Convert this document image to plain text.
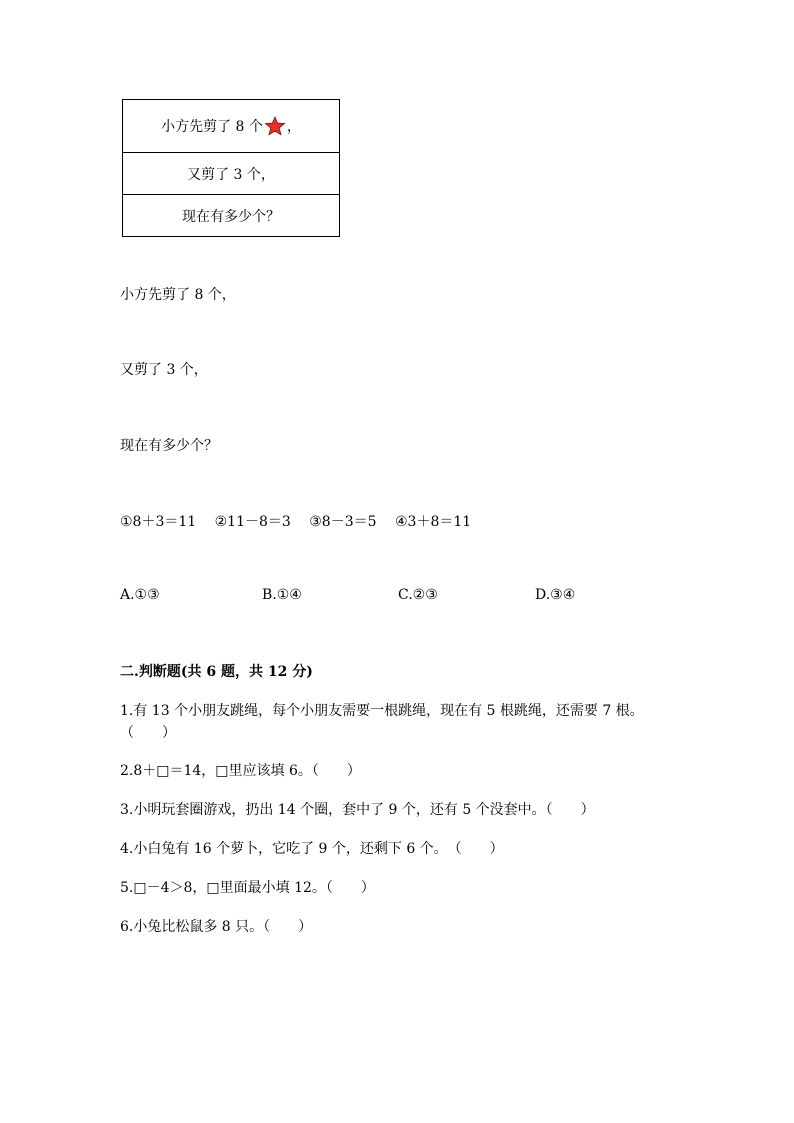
小方先剪了 8 个 ，
又剪了 3 个，
现在有多少个？
小方先剪了 8 个，
又剪了 3 个，
现在有多少个？
①8＋3＝11　 ②11－8＝3　 ③8－3＝5　 ④3＋8＝11
A.①③	B.①④	C.②③	D.③④
二.判断题(共 6 题，共 12 分)
1.有 13 个小朋友跳绳，每个小朋友需要一根跳绳，现在有 5 根跳绳，还需要 7 根。（　　）
2.8＋□＝14，□里应该填 6。（　　）
3.小明玩套圈游戏，扔出 14 个圈，套中了 9 个，还有 5 个没套中。（　　）
4.小白兔有 16 个萝卜，它吃了 9 个，还剩下 6 个。　（　　）
5.□－4＞8，□里面最小填 12。（　　）
6.小兔比松鼠多 8 只。（　　）
